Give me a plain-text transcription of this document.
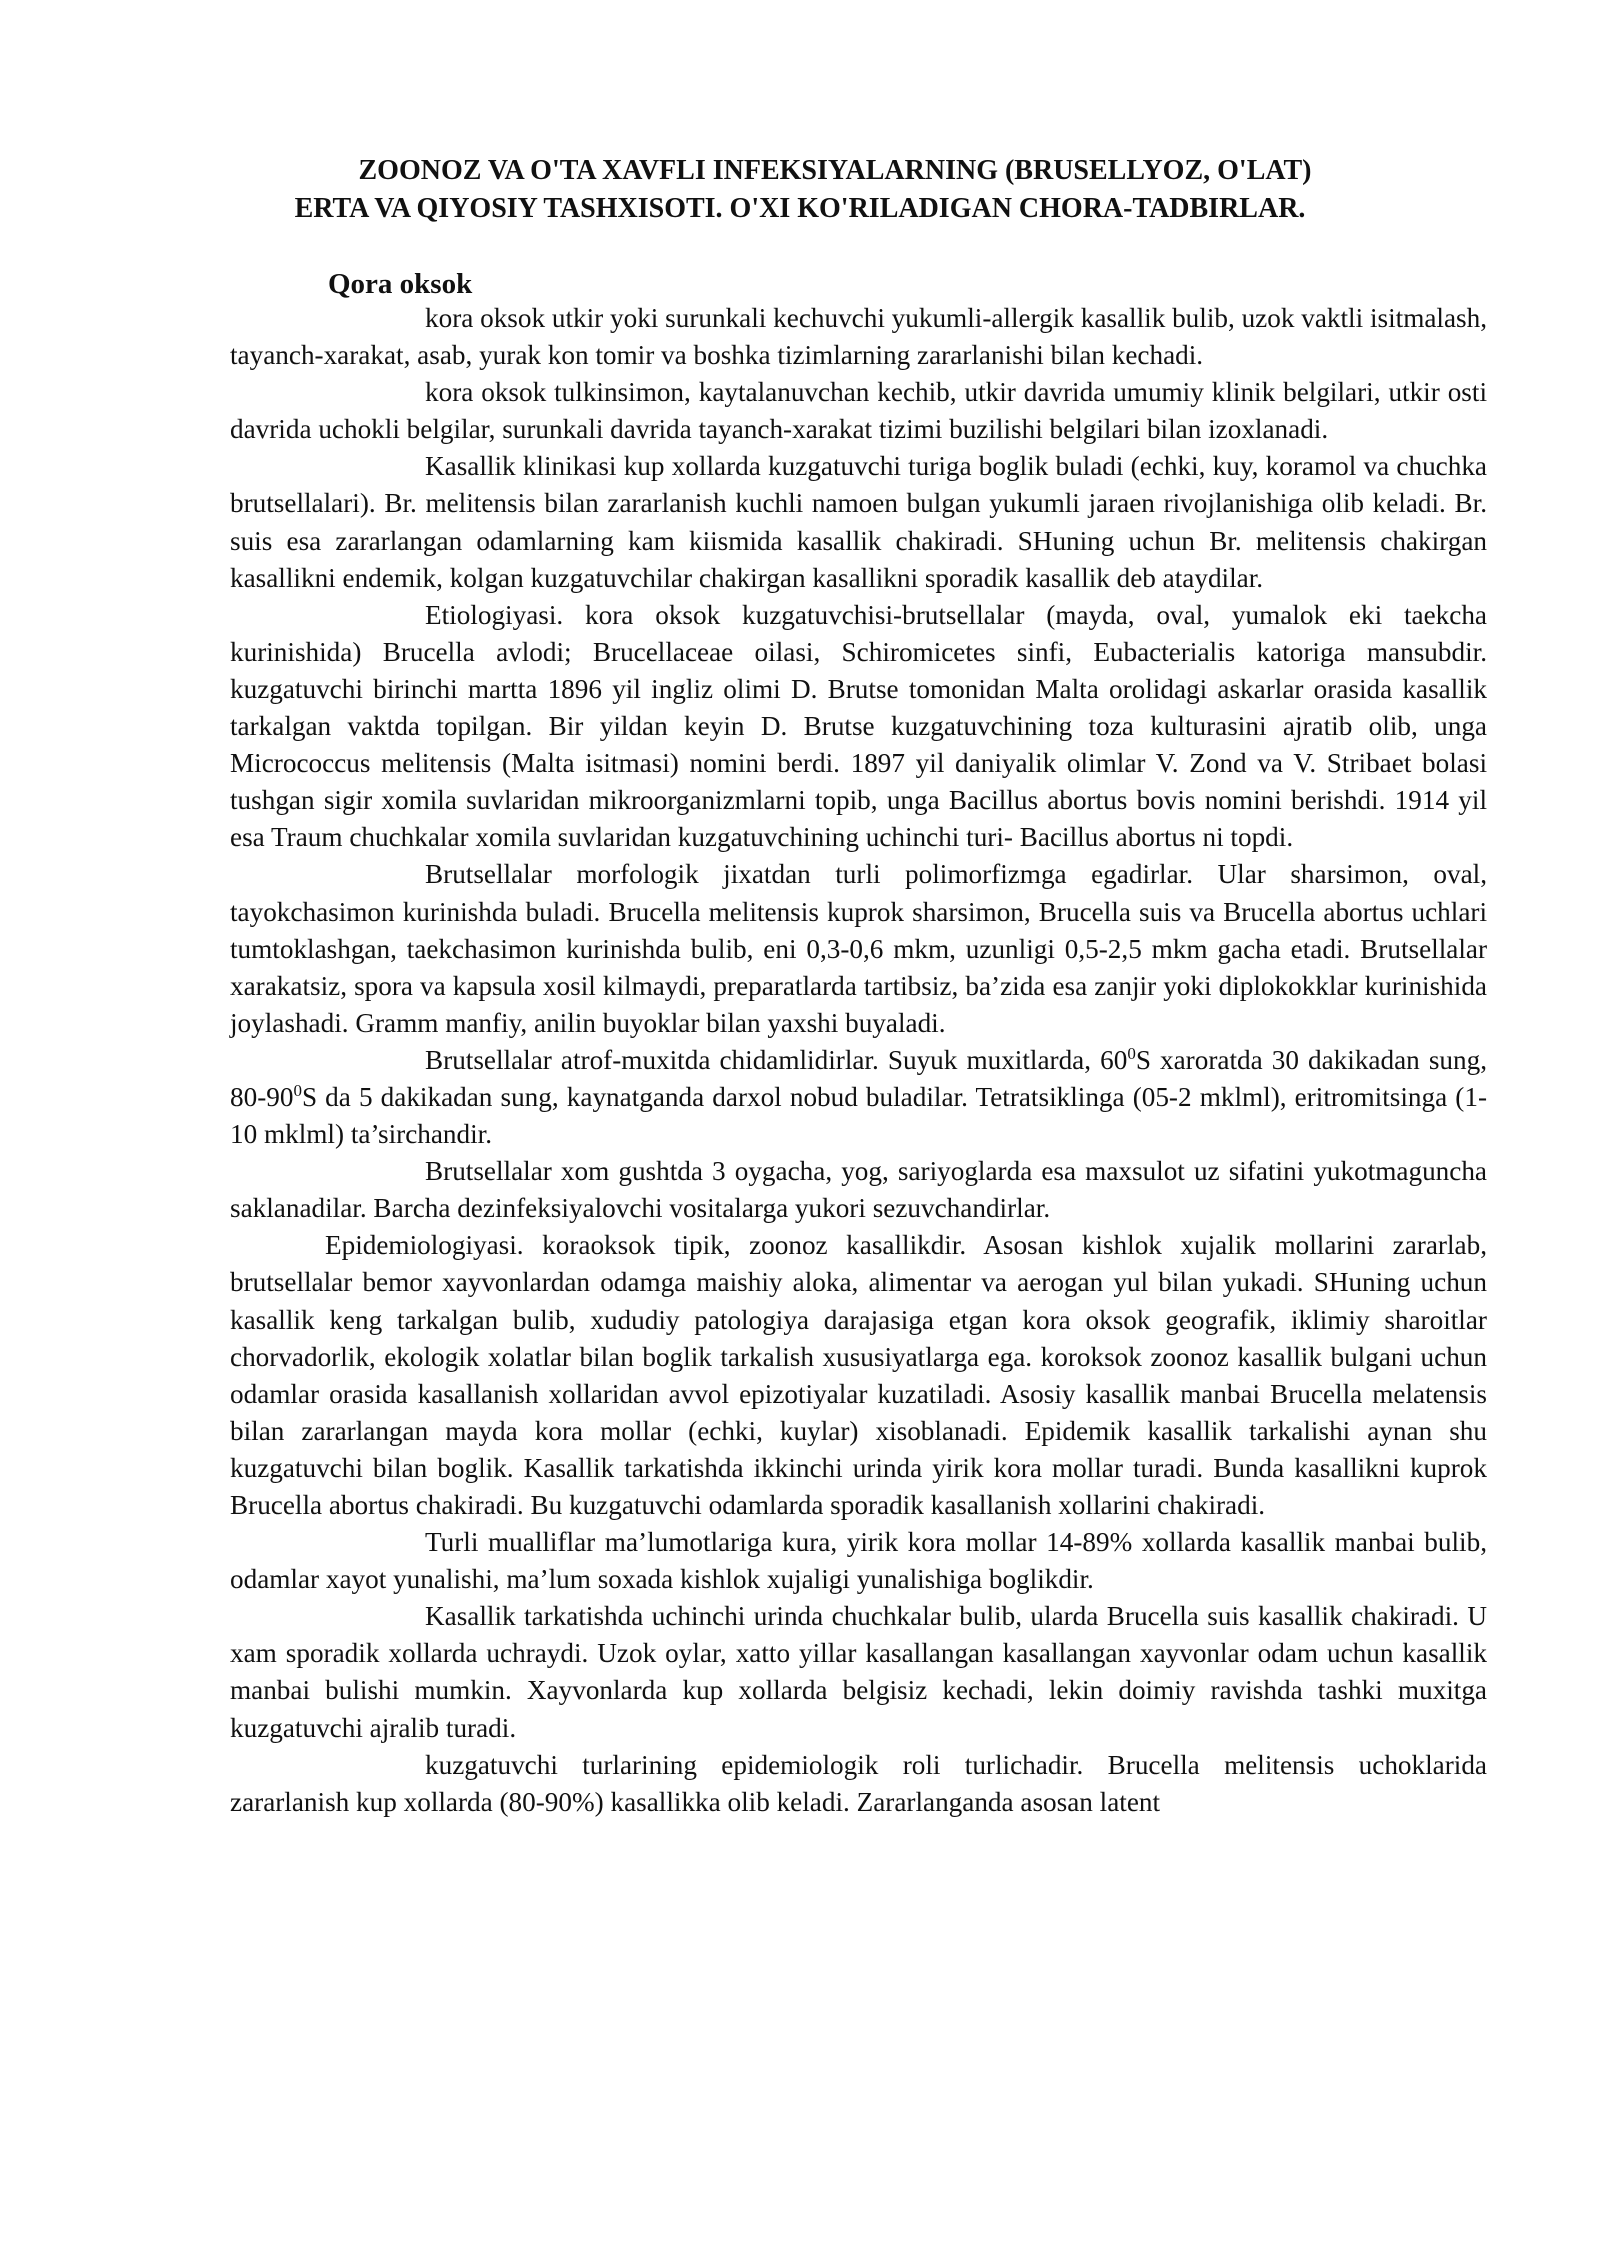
ZOONOZ VA O'TA XAVFLI INFEKSIYALARNING (BRUSELLYOZ, O'LAT)
ERTA VA QIYOSIY TASHXISOTI. O'XI KO'RILADIGAN CHORA-TADBIRLAR.
Qora oksok

kora oksok utkir yoki surunkali kechuvchi yukumli-allergik kasallik bulib, uzok vaktli isitmalash, tayanch-xarakat, asab, yurak kon tomir va boshka tizimlarning zararlanishi bilan kechadi.

kora oksok tulkinsimon, kaytalanuvchan kechib, utkir davrida umumiy klinik belgilari, utkir osti davrida uchokli belgilar, surunkali davrida tayanch-xarakat tizimi buzilishi belgilari bilan izoxlanadi.

Kasallik klinikasi kup xollarda kuzgatuvchi turiga boglik buladi (echki, kuy, koramol va chuchka brutsellalari). Br. melitensis bilan zararlanish kuchli namoen bulgan yukumli jaraen rivojlanishiga olib keladi. Br. suis esa zararlangan odamlarning kam kiismida kasallik chakiradi. SHuning uchun Br. melitensis chakirgan kasallikni endemik, kolgan kuzgatuvchilar chakirgan kasallikni sporadik kasallik deb ataydilar.

Etiologiyasi. kora oksok kuzgatuvchisi-brutsellalar (mayda, oval, yumalok eki taekcha kurinishida) Brucella avlodi; Brucellaceae oilasi, Schiromicetes sinfi, Eubacterialis katoriga mansubdir. kuzgatuvchi birinchi martta 1896 yil ingliz olimi D. Brutse tomonidan Malta orolidagi askarlar orasida kasallik tarkalgan vaktda topilgan. Bir yildan keyin D. Brutse kuzgatuvchining toza kulturasini ajratib olib, unga Micrococcus melitensis (Malta isitmasi) nomini berdi. 1897 yil daniyalik olimlar V. Zond va V. Stribaet bolasi tushgan sigir xomila suvlaridan mikroorganizmlarni topib, unga Bacillus abortus bovis nomini berishdi. 1914 yil esa Traum chuchkalar xomila suvlaridan kuzgatuvchining uchinchi turi- Bacillus abortus ni topdi.

Brutsellalar morfologik jixatdan turli polimorfizmga egadirlar. Ular sharsimon, oval, tayokchasimon kurinishda buladi. Brucella melitensis kuprok sharsimon, Brucella suis va Brucella abortus uchlari tumtoklashgan, taekchasimon kurinishda bulib, eni 0,3-0,6 mkm, uzunligi 0,5-2,5 mkm gacha etadi. Brutsellalar xarakatsiz, spora va kapsula xosil kilmaydi, preparatlarda tartibsiz, ba’zida esa zanjir yoki diplokokklar kurinishida joylashadi. Gramm manfiy, anilin buyoklar bilan yaxshi buyaladi.

Brutsellalar atrof-muxitda chidamlidirlar. Suyuk muxitlarda, $60^0S$ xaroratda 30 dakikadan sung, $80-90^0S$ da 5 dakikadan sung, kaynatganda darxol nobud buladilar. Tetratsiklinga (05-2 mklml), eritromitsinga (1-10 mklml) ta’sirchandir.

Brutsellalar xom gushtda 3 oygacha, yog, sariyoglarda esa maxsulot uz sifatini yukotmaguncha saklanadilar. Barcha dezinfeksiyalovchi vositalarga yukori sezuvchandirlar.

Epidemiologiyasi. koraoksok tipik, zoonoz kasallikdir. Asosan kishlok xujalik mollarini zararlab, brutsellalar bemor xayvonlardan odamga maishiy aloka, alimentar va aerogan yul bilan yukadi. SHuning uchun kasallik keng tarkalgan bulib, xududiy patologiya darajasiga etgan kora oksok geografik, iklimiy sharoitlar chorvadorlik, ekologik xolatlar bilan boglik tarkalish xususiyatlarga ega. koroksok zoonoz kasallik bulgani uchun odamlar orasida kasallanish xollaridan avvol epizotiyalar kuzatiladi. Asosiy kasallik manbai Brucella melatensis bilan zararlangan mayda kora mollar (echki, kuylar) xisoblanadi. Epidemik kasallik tarkalishi aynan shu kuzgatuvchi bilan boglik. Kasallik tarkatishda ikkinchi urinda yirik kora mollar turadi. Bunda kasallikni kuprok Brucella abortus chakiradi. Bu kuzgatuvchi odamlarda sporadik kasallanish xollarini chakiradi.

Turli mualliflar ma’lumotlariga kura, yirik kora mollar 14-89% xollarda kasallik manbai bulib, odamlar xayot yunalishi, ma’lum soxada kishlok xujaligi yunalishiga boglikdir.

Kasallik tarkatishda uchinchi urinda chuchkalar bulib, ularda Brucella suis kasallik chakiradi. U xam sporadik xollarda uchraydi. Uzok oylar, xatto yillar kasallangan kasallangan xayvonlar odam uchun kasallik manbai bulishi mumkin. Xayvonlarda kup xollarda belgisiz kechadi, lekin doimiy ravishda tashki muxitga kuzgatuvchi ajralib turadi.

kuzgatuvchi turlarining epidemiologik roli turlichadir. Brucella melitensis uchoklarida zararlanish kup xollarda (80-90%) kasallikka olib keladi. Zararlanganda asosan latent
